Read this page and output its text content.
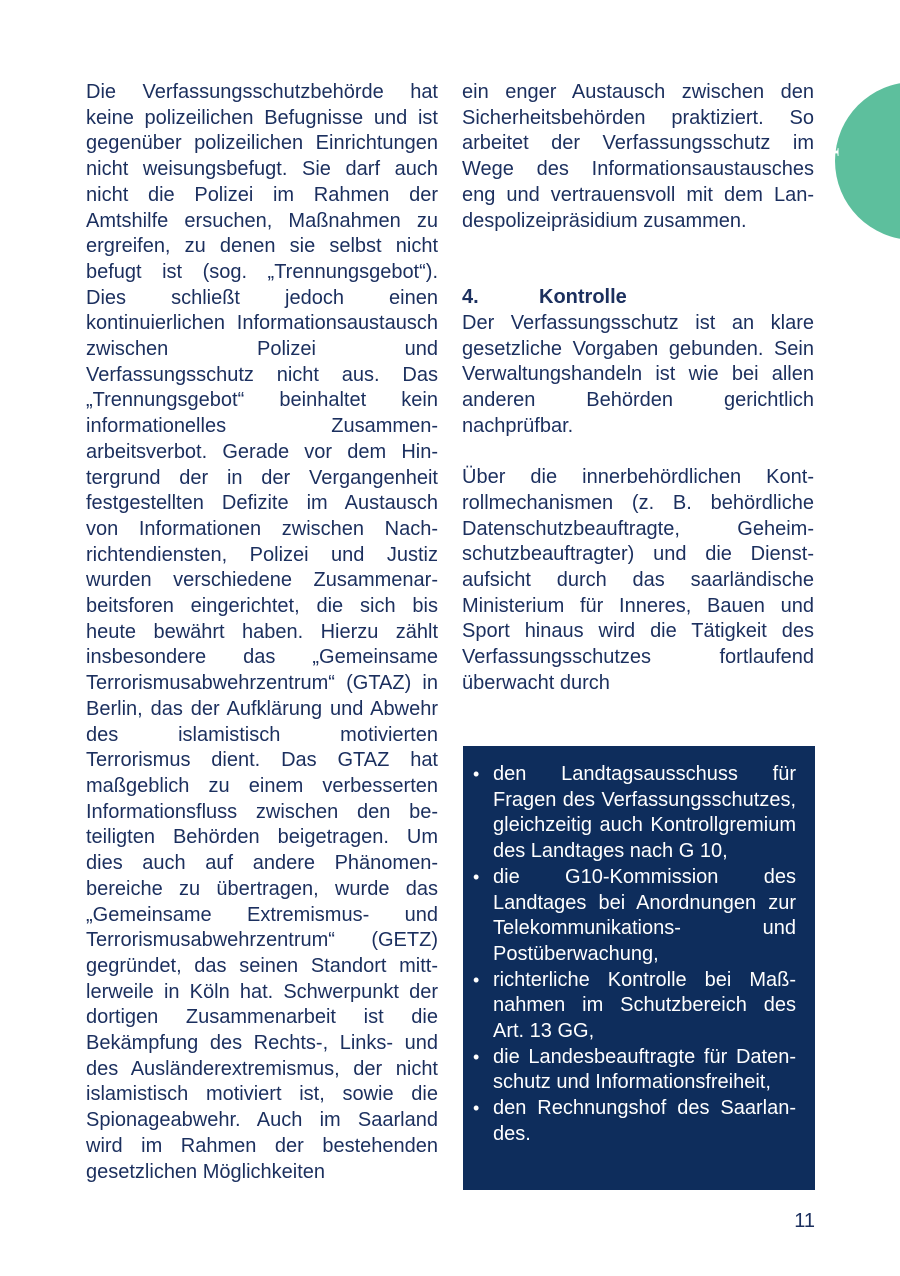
I.

Die Verfassungsschutzbehörde hat keine polizeilichen Befugnisse und ist gegenüber polizeilichen Einrichtungen nicht weisungsbefugt. Sie darf auch nicht die Polizei im Rahmen der Amtshilfe ersuchen, Maßnahmen zu ergreifen, zu denen sie selbst nicht befugt ist (sog. „Trennungsgebot“). Dies schließt jedoch einen kontinuierlichen Informationsaustausch zwischen Polizei und Verfassungsschutz nicht aus. Das „Trennungsgebot“ beinhaltet kein informationelles Zusammenarbeitsverbot. Gerade vor dem Hintergrund der in der Vergangenheit festgestellten Defizite im Austausch von Informationen zwischen Nachrichtendiensten, Polizei und Justiz wurden verschiedene Zusammenarbeitsforen eingerichtet, die sich bis heute bewährt haben. Hierzu zählt insbesondere das „Gemeinsame Terrorismusabwehrzentrum“ (GTAZ) in Berlin, das der Aufklärung und Abwehr des islamistisch motivierten Terrorismus dient. Das GTAZ hat maßgeblich zu einem verbesserten Informationsfluss zwischen den beteiligten Behörden beigetragen. Um dies auch auf andere Phänomenbereiche zu übertragen, wurde das „Gemeinsame Extremismus- und Terrorismusabwehrzentrum“ (GETZ) gegründet, das seinen Standort mittlerweile in Köln hat. Schwerpunkt der dortigen Zusammenarbeit ist die Bekämpfung des Rechts-, Links- und des Ausländerextremismus, der nicht islamistisch motiviert ist, sowie die Spionageabwehr. Auch im Saarland wird im Rahmen der bestehenden gesetzlichen Möglichkeiten

ein enger Austausch zwischen den Sicherheitsbehörden praktiziert. So arbeitet der Verfassungsschutz im Wege des Informationsaustausches eng und vertrauensvoll mit dem Landespolizeipräsidium zusammen.

4.	Kontrolle

Der Verfassungsschutz ist an klare gesetzliche Vorgaben gebunden. Sein Verwaltungshandeln ist wie bei allen anderen Behörden gerichtlich nachprüfbar.

Über die innerbehördlichen Kontrollmechanismen (z. B. behördliche Datenschutzbeauftragte, Geheimschutzbeauftragter) und die Dienstaufsicht durch das saarländische Ministerium für Inneres, Bauen und Sport hinaus wird die Tätigkeit des Verfassungsschutzes fortlaufend überwacht durch

• den Landtagsausschuss für Fragen des Verfassungsschutzes, gleichzeitig auch Kontrollgremium des Landtages nach G 10,
• die G10-Kommission des Landtages bei Anordnungen zur Telekommunikations- und Postüberwachung,
• richterliche Kontrolle bei Maßnahmen im Schutzbereich des Art. 13 GG,
• die Landesbeauftragte für Datenschutz und Informationsfreiheit,
• den Rechnungshof des Saarlandes.
11
